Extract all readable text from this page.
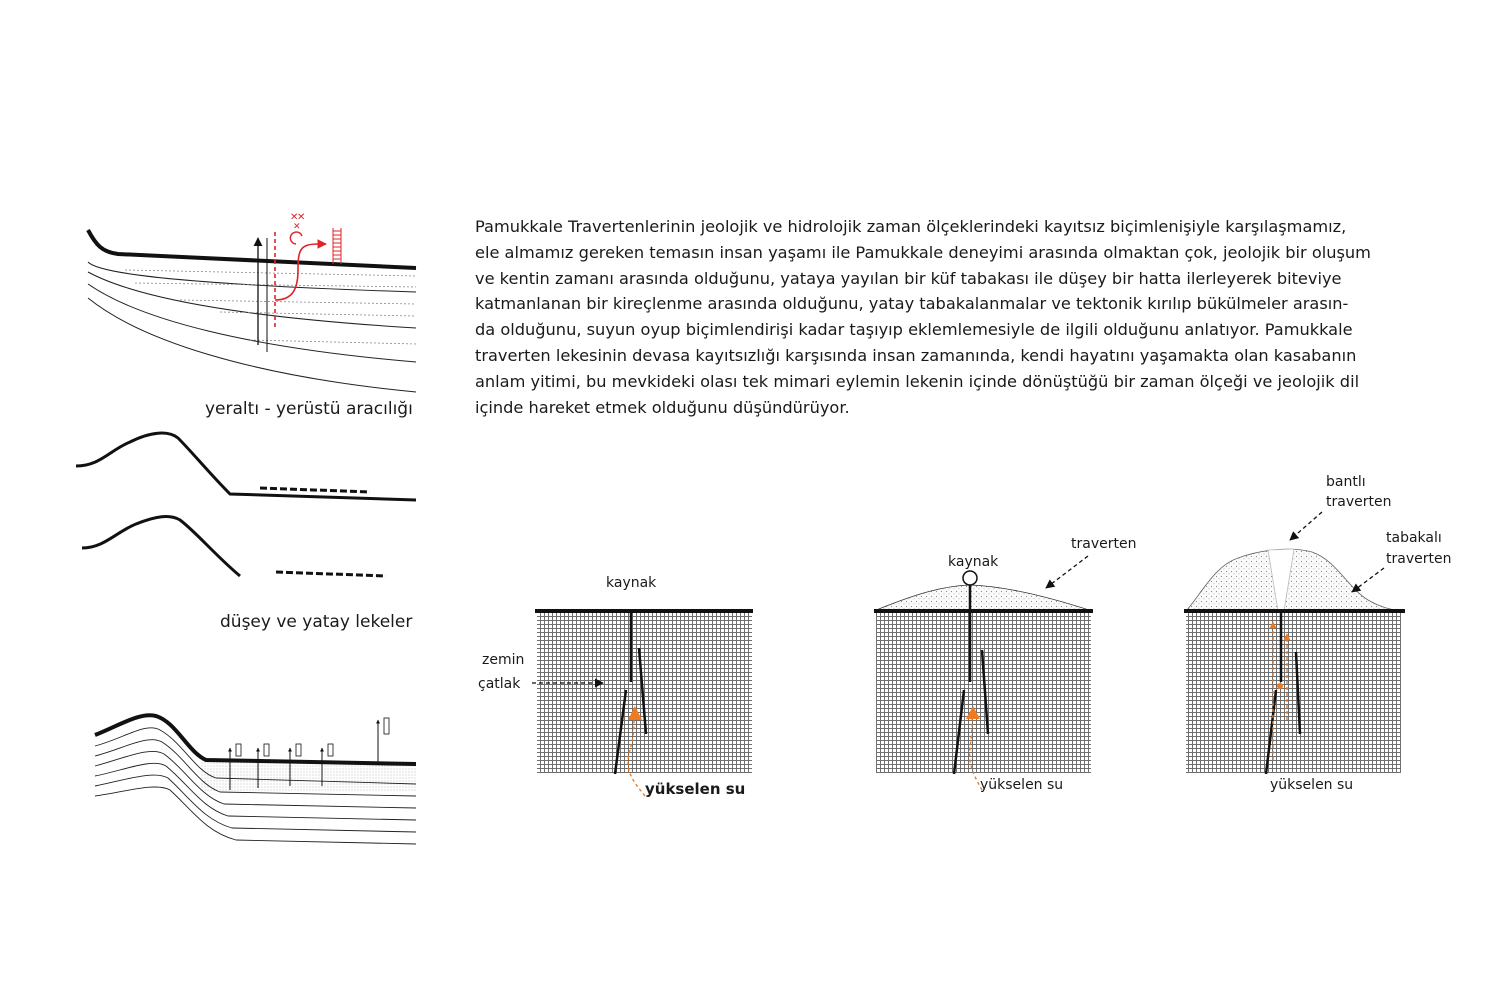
Pamukkale Travertenlerinin jeolojik ve hidrolojik zaman ölçeklerindeki kayıtsız biçimlenişiyle karşılaşmamız,
ele almamız gereken temasın insan yaşamı ile Pamukkale deneyimi arasında olmaktan çok, jeolojik bir oluşum
ve kentin zamanı arasında olduğunu, yataya yayılan bir küf tabakası ile düşey bir hatta ilerleyerek biteviye
katmanlanan bir kireçlenme arasında olduğunu, yatay tabakalanmalar ve tektonik kırılıp bükülmeler arasın-
da olduğunu, suyun oyup biçimlendirişi kadar taşıyıp eklemlemesiyle de ilgili olduğunu anlatıyor. Pamukkale
traverten lekesinin devasa kayıtsızlığı karşısında insan zamanında, kendi hayatını yaşamakta olan kasabanın
anlam yitimi, bu mevkideki olası tek mimari eylemin lekenin içinde dönüştüğü bir zaman ölçeği ve jeolojik dil
içinde hareket etmek olduğunu düşündürüyor.

✕
✕
✕
yeraltı - yerüstü aracılığı
düşey ve yatay lekeler
kaynak
zemin
çatlak
yükselen su
kaynak
traverten
yükselen su
bantlı
traverten
tabakalı
traverten
yükselen su
